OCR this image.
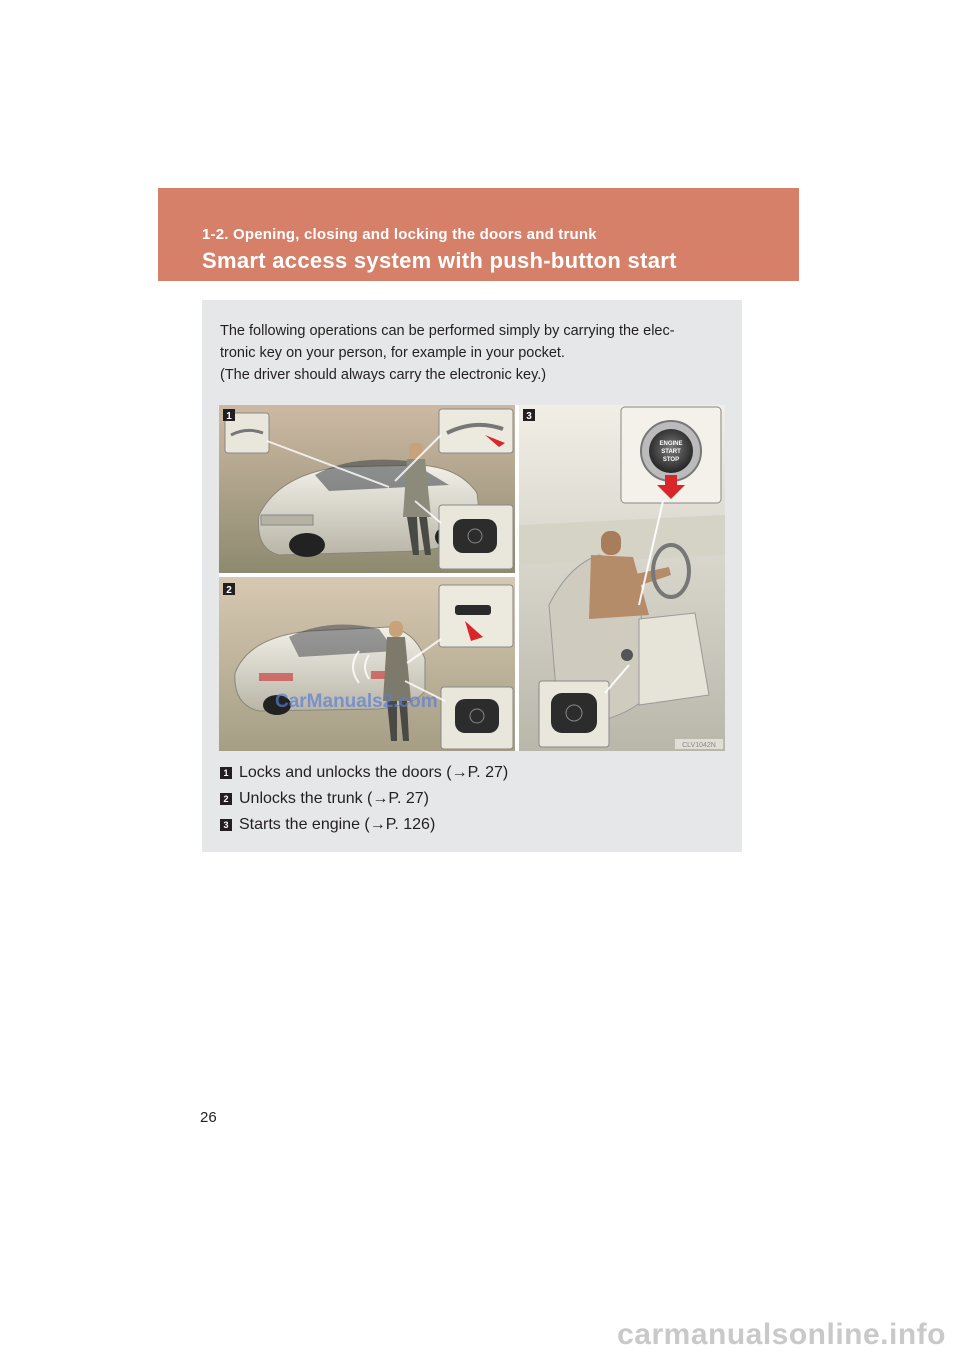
1-2. Opening, closing and locking the doors and trunk
Smart access system with push-button start

The following operations can be performed simply by carrying the elec-

tronic key on your person, for example in your pocket.

(The driver should always carry the electronic key.)

1
2
CarManuals2.com
ENGINE
START
STOP
3
CLV1042N
1 Locks and unlocks the doors (→P. 27)
2 Unlocks the trunk (→P. 27)
3 Starts the engine (→P. 126)
26
carmanualsonline.info
